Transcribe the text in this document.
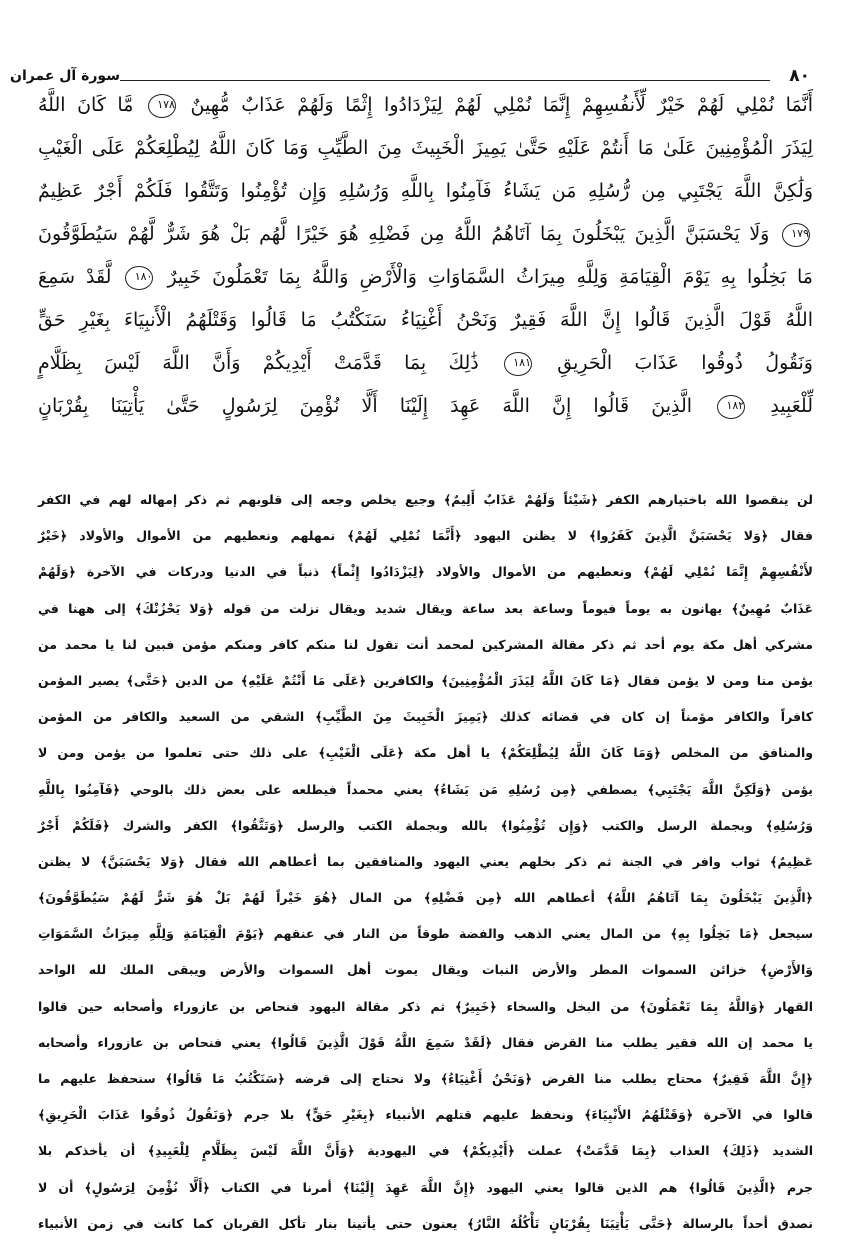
٨٠
سورة آل عمران
أَنَّمَا نُمْلِي لَهُمْ خَيْرٌ لِّأَنفُسِهِمْ إِنَّمَا نُمْلِي لَهُمْ لِيَزْدَادُوا إِثْمًا وَلَهُمْ عَذَابٌ مُّهِينٌ ١٧٨ مَّا كَانَ اللَّهُ
لِيَذَرَ الْمُؤْمِنِينَ عَلَىٰ مَا أَنتُمْ عَلَيْهِ حَتَّىٰ يَمِيزَ الْخَبِيثَ مِنَ الطَّيِّبِ وَمَا كَانَ اللَّهُ لِيُطْلِعَكُمْ عَلَى الْغَيْبِ
وَلَٰكِنَّ اللَّهَ يَجْتَبِي مِن رُّسُلِهِ مَن يَشَاءُ فَآمِنُوا بِاللَّهِ وَرُسُلِهِ وَإِن تُؤْمِنُوا وَتَتَّقُوا فَلَكُمْ أَجْرٌ عَظِيمٌ
١٧٩ وَلَا يَحْسَبَنَّ الَّذِينَ يَبْخَلُونَ بِمَا آتَاهُمُ اللَّهُ مِن فَضْلِهِ هُوَ خَيْرًا لَّهُم بَلْ هُوَ شَرٌّ لَّهُمْ سَيُطَوَّقُونَ
مَا بَخِلُوا بِهِ يَوْمَ الْقِيَامَةِ وَلِلَّهِ مِيرَاثُ السَّمَاوَاتِ وَالْأَرْضِ وَاللَّهُ بِمَا تَعْمَلُونَ خَبِيرٌ ١٨٠ لَّقَدْ سَمِعَ
اللَّهُ قَوْلَ الَّذِينَ قَالُوا إِنَّ اللَّهَ فَقِيرٌ وَنَحْنُ أَغْنِيَاءُ سَنَكْتُبُ مَا قَالُوا وَقَتْلَهُمُ الْأَنبِيَاءَ بِغَيْرِ حَقٍّ
وَنَقُولُ ذُوقُوا عَذَابَ الْحَرِيقِ ١٨١ ذَٰلِكَ بِمَا قَدَّمَتْ أَيْدِيكُمْ وَأَنَّ اللَّهَ لَيْسَ بِظَلَّامٍ
لِّلْعَبِيدِ ١٨٢ الَّذِينَ قَالُوا إِنَّ اللَّهَ عَهِدَ إِلَيْنَا أَلَّا نُؤْمِنَ لِرَسُولٍ حَتَّىٰ يَأْتِيَنَا بِقُرْبَانٍ
لن ينقصوا الله باختيارهم الكفر ﴿شَيْئاً وَلَهُمْ عَذَابٌ أَلِيمٌ﴾ وجيع يخلص وجعه إلى قلوبهم ثم ذكر إمهاله لهم في الكفر
فقال ﴿وَلا يَحْسَبَنَّ الَّذِينَ كَفَرُوا﴾ لا يظنن اليهود ﴿أَنَّمَا نُمْلِي لَهُمْ﴾ نمهلهم ونعطيهم من الأموال والأولاد ﴿خَيْرٌ
لأَنْفُسِهِمْ إِنَّمَا نُمْلِي لَهُمْ﴾ ونعطيهم من الأموال والأولاد ﴿لِيَزْدَادُوا إِثْماً﴾ ذنباً في الدنيا ودركات في الآخرة ﴿وَلَهُمْ
عَذَابٌ مُهِينٌ﴾ يهانون به يوماً فيوماً وساعة بعد ساعة ويقال شديد ويقال نزلت من قوله ﴿وَلا يَحْزُنْكَ﴾ إلى ههنا في
مشركي أهل مكة يوم أحد ثم ذكر مقالة المشركين لمحمد أنت تقول لنا منكم كافر ومنكم مؤمن فبين لنا يا محمد من
يؤمن منا ومن لا يؤمن فقال ﴿مَا كَانَ اللَّهُ لِيَذَرَ الْمُؤْمِنِينَ﴾ والكافرين ﴿عَلَى مَا أَنْتُمْ عَلَيْهِ﴾ من الدين ﴿حَتَّى﴾ يصير المؤمن
كافراً والكافر مؤمناً إن كان في قضائه كذلك ﴿يَمِيزَ الْخَبِيثَ مِنَ الطَّيِّبِ﴾ الشقي من السعيد والكافر من المؤمن
والمنافق من المخلص ﴿وَمَا كَانَ اللَّهُ لِيُطْلِعَكُمْ﴾ يا أهل مكة ﴿عَلَى الْغَيْبِ﴾ على ذلك حتى تعلموا من يؤمن ومن لا
يؤمن ﴿وَلَكِنَّ اللَّهَ يَجْتَبِي﴾ يصطفي ﴿مِن رُسُلِهِ مَن يَشَاءُ﴾ يعني محمداً فيطلعه على بعض ذلك بالوحي ﴿فَآمِنُوا بِاللَّهِ
وَرُسُلِهِ﴾ وبجملة الرسل والكتب ﴿وَإِن تُؤْمِنُوا﴾ بالله وبجملة الكتب والرسل ﴿وَتَتَّقُوا﴾ الكفر والشرك ﴿فَلَكُمْ أَجْرٌ
عَظِيمٌ﴾ ثواب وافر في الجنة ثم ذكر بخلهم يعني اليهود والمنافقين بما أعطاهم الله فقال ﴿وَلا يَحْسَبَنَّ﴾ لا يظنن
﴿الَّذِينَ يَبْخَلُونَ بِمَا آتَاهُمُ اللَّهُ﴾ أعطاهم الله ﴿مِن فَضْلِهِ﴾ من المال ﴿هُوَ خَيْراً لَهُمْ بَلْ هُوَ شَرٌّ لَهُمْ سَيُطَوَّقُونَ﴾
سيجعل ﴿مَا بَخِلُوا بِهِ﴾ من المال يعني الذهب والفضة طوقاً من النار في عنقهم ﴿يَوْمَ الْقِيَامَةِ وَلِلَّهِ مِيرَاثُ السَّمَوَاتِ
وَالأَرْضِ﴾ خزائن السموات المطر والأرض النبات ويقال يموت أهل السموات والأرض ويبقى الملك لله الواحد
القهار ﴿وَاللَّهُ بِمَا تَعْمَلُونَ﴾ من البخل والسخاء ﴿خَبِيرٌ﴾ ثم ذكر مقالة اليهود فنحاص بن عازوراء وأصحابه حين قالوا
يا محمد إن الله فقير يطلب منا القرض فقال ﴿لَقَدْ سَمِعَ اللَّهُ قَوْلَ الَّذِينَ قَالُوا﴾ يعني فنحاص بن عازوراء وأصحابه
﴿إِنَّ اللَّهَ فَقِيرٌ﴾ محتاج يطلب منا القرض ﴿وَنَحْنُ أَغْنِيَاءُ﴾ ولا نحتاج إلى قرضه ﴿سَنَكْتُبُ مَا قَالُوا﴾ سنحفظ عليهم ما
قالوا في الآخرة ﴿وَقَتْلَهُمُ الأَنْبِيَاءَ﴾ ونحفظ عليهم قتلهم الأنبياء ﴿بِغَيْرِ حَقٍّ﴾ بلا جرم ﴿وَنَقُولُ ذُوقُوا عَذَابَ الْحَرِيقِ﴾
الشديد ﴿ذَلِكَ﴾ العذاب ﴿بِمَا قَدَّمَتْ﴾ عملت ﴿أَيْدِيكُمْ﴾ في اليهودية ﴿وَأَنَّ اللَّهَ لَيْسَ بِظَلَّامٍ لِلْعَبِيدِ﴾ أن يأخذكم بلا
جرم ﴿الَّذِينَ قَالُوا﴾ هم الذين قالوا يعني اليهود ﴿إِنَّ اللَّهَ عَهِدَ إِلَيْنَا﴾ أمرنا في الكتاب ﴿أَلَّا نُؤْمِنَ لِرَسُولٍ﴾ أن لا
نصدق أحداً بالرسالة ﴿حَتَّى يَأْتِيَنَا بِقُرْبَانٍ تَأْكُلُهُ النَّارُ﴾ يعنون حتى يأتينا بنار تأكل القربان كما كانت في زمن الأنبياء
